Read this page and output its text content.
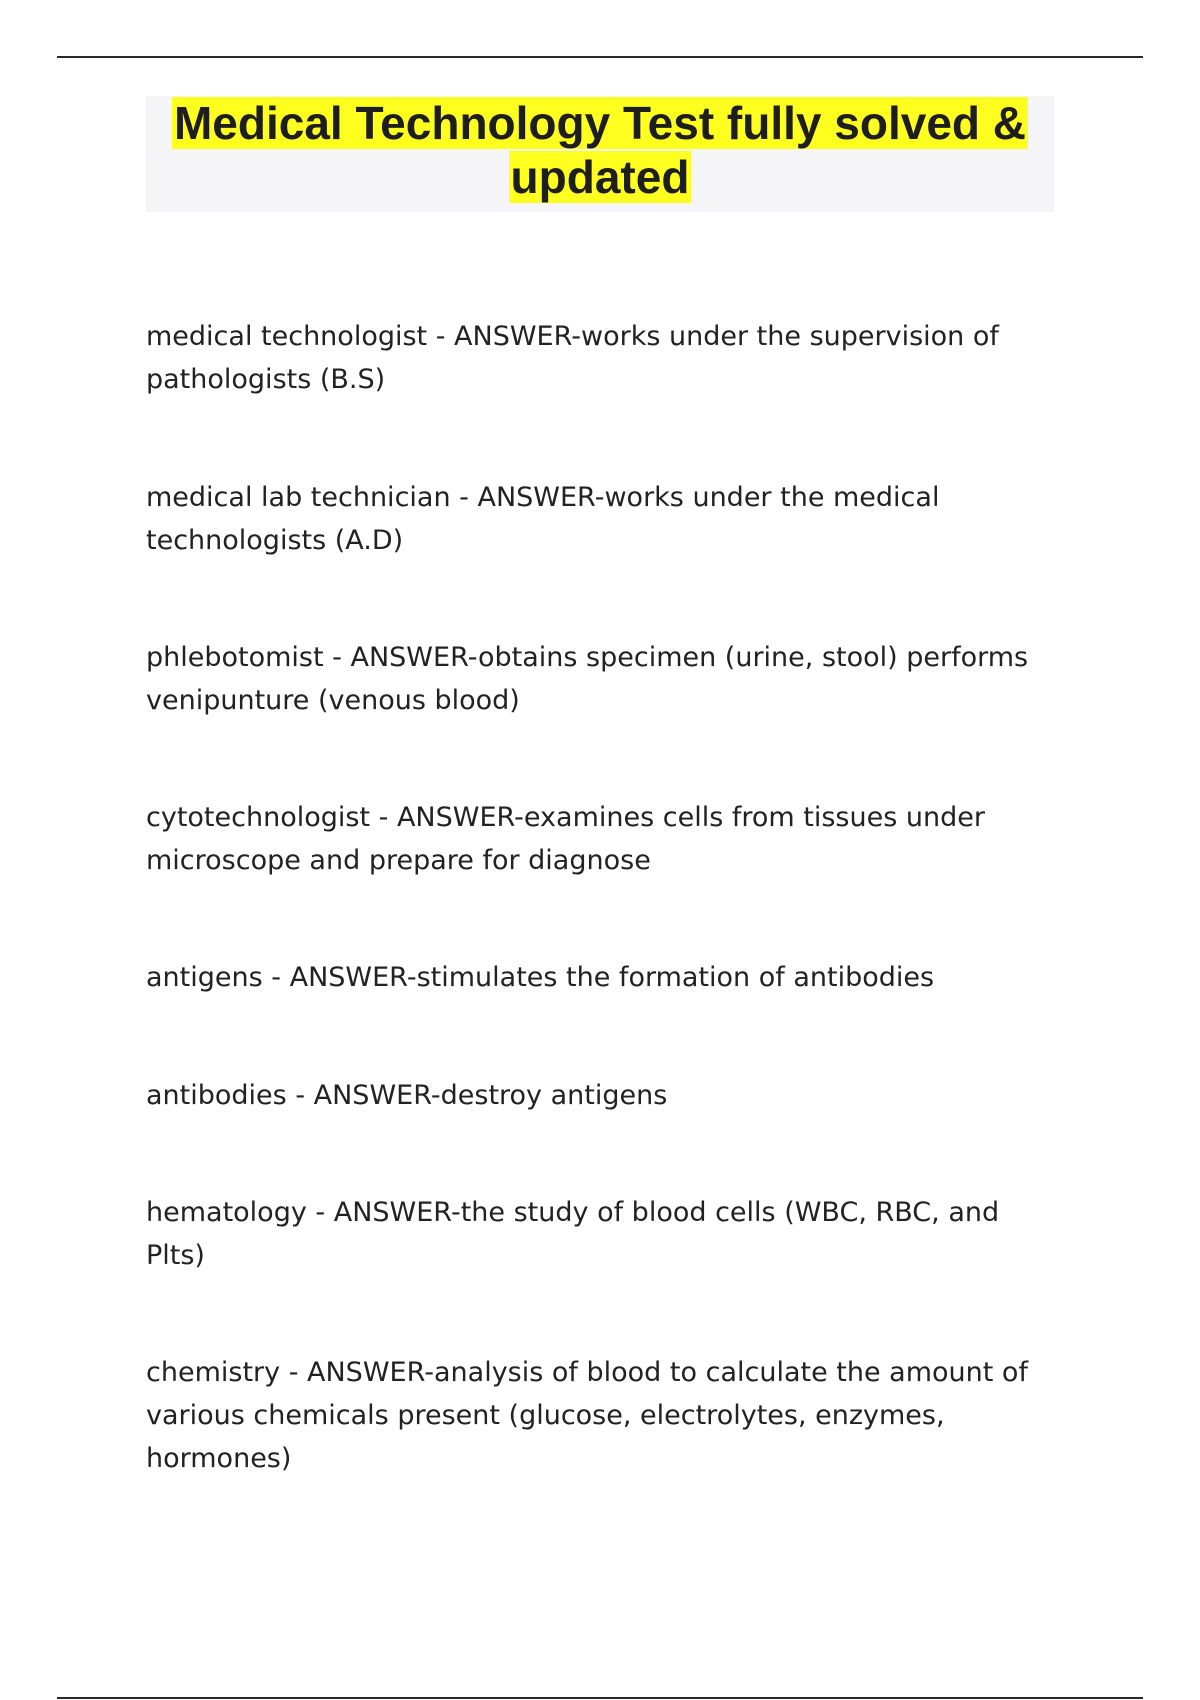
Medical Technology Test fully solved &
updated

medical technologist - ANSWER-works under the supervision of pathologists (B.S)

medical lab technician - ANSWER-works under the medical technologists (A.D)

phlebotomist - ANSWER-obtains specimen (urine, stool) performs venipunture (venous blood)

cytotechnologist - ANSWER-examines cells from tissues under microscope and prepare for diagnose

antigens - ANSWER-stimulates the formation of antibodies

antibodies - ANSWER-destroy antigens

hematology - ANSWER-the study of blood cells (WBC, RBC, and Plts)

chemistry - ANSWER-analysis of blood to calculate the amount of various chemicals present (glucose, electrolytes, enzymes, hormones)
